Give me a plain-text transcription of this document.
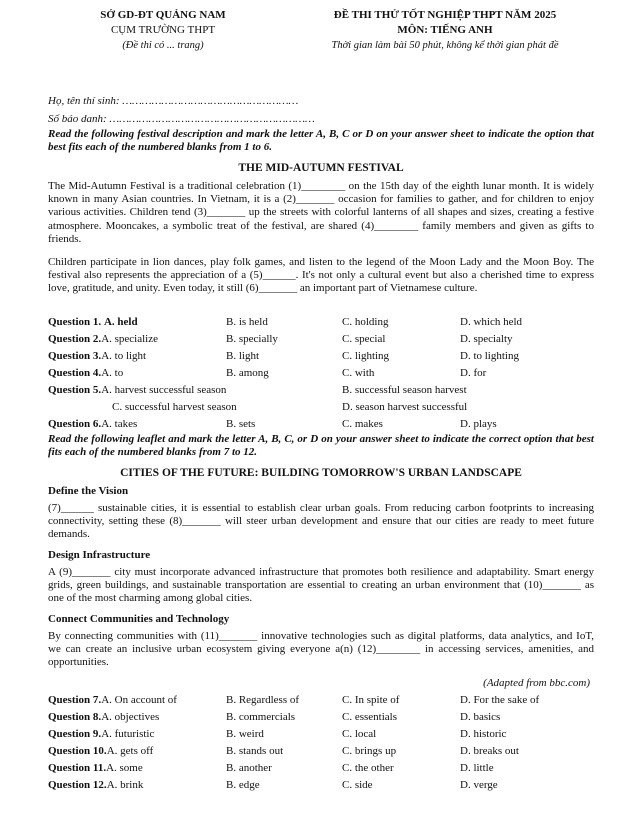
SỞ GD-ĐT QUẢNG NAM
CỤM TRƯỜNG THPT
(Đề thi có ... trang)
ĐỀ THI THỬ TỐT NGHIỆP THPT NĂM 2025
MÔN: TIẾNG ANH
Thời gian làm bài 50 phút, không kể thời gian phát đề
Họ, tên thí sinh: ………………………………………………
Số báo danh: ………………………………………………………
Read the following festival description and mark the letter A, B, C or D on your answer sheet to indicate the option that best fits each of the numbered blanks from 1 to 6.
THE MID-AUTUMN FESTIVAL
The Mid-Autumn Festival is a traditional celebration (1)________ on the 15th day of the eighth lunar month. It is widely known in many Asian countries. In Vietnam, it is a (2)_______ occasion for families to gather, and for children to enjoy various activities. Children tend (3)_______ up the streets with colorful lanterns of all shapes and sizes, creating a festive atmosphere. Mooncakes, a symbolic treat of the festival, are shared (4)________ family members and given as gifts to friends.
Children participate in lion dances, play folk games, and listen to the legend of the Moon Lady and the Moon Boy. The festival also represents the appreciation of a (5)______. It's not only a cultural event but also a cherished time to express love, gratitude, and unity. Even today, it still (6)_______ an important part of Vietnamese culture.
Question 1. A. held	B. is held	C. holding	D. which held
Question 2. A. specialize	B. specially	C. special	D. specialty
Question 3. A. to light	B. light	C. lighting	D. to lighting
Question 4. A. to	B. among	C. with	D. for
Question 5. A. harvest successful season	B. successful season harvest
C. successful harvest season	D. season harvest successful
Question 6. A. takes	B. sets	C. makes	D. plays
Read the following leaflet and mark the letter A, B, C, or D on your answer sheet to indicate the correct option that best fits each of the numbered blanks from 7 to 12.
CITIES OF THE FUTURE: BUILDING TOMORROW'S URBAN LANDSCAPE
Define the Vision
(7)______ sustainable cities, it is essential to establish clear urban goals. From reducing carbon footprints to increasing connectivity, setting these (8)_______ will steer urban development and ensure that our cities are ready to meet future demands.
Design Infrastructure
A (9)_______ city must incorporate advanced infrastructure that promotes both resilience and adaptability. Smart energy grids, green buildings, and sustainable transportation are essential to creating an urban environment that (10)_______ as one of the most charming among global cities.
Connect Communities and Technology
By connecting communities with (11)_______ innovative technologies such as digital platforms, data analytics, and IoT, we can create an inclusive urban ecosystem giving everyone a(n) (12)________ in accessing services, amenities, and opportunities.
(Adapted from bbc.com)
Question 7. A. On account of	B. Regardless of	C. In spite of	D. For the sake of
Question 8. A. objectives	B. commercials	C. essentials	D. basics
Question 9. A. futuristic	B. weird	C. local	D. historic
Question 10. A. gets off	B. stands out	C. brings up	D. breaks out
Question 11. A. some	B. another	C. the other	D. little
Question 12. A. brink	B. edge	C. side	D. verge
